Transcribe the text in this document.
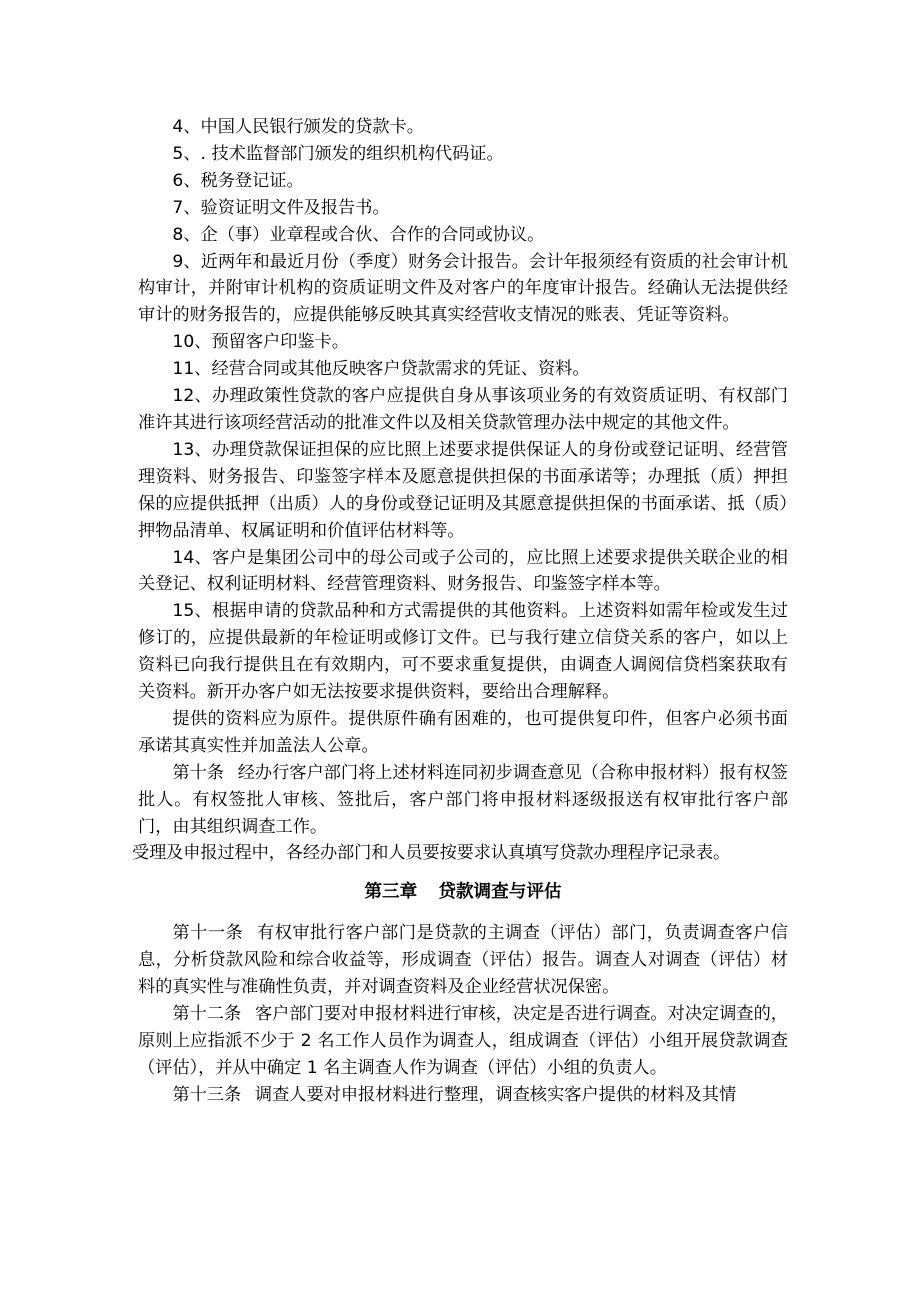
4、中国人民银行颁发的贷款卡。

5、. 技术监督部门颁发的组织机构代码证。

6、税务登记证。

7、验资证明文件及报告书。

8、企（事）业章程或合伙、合作的合同或协议。

9、近两年和最近月份（季度）财务会计报告。会计年报须经有资质的社会审计机构审计，并附审计机构的资质证明文件及对客户的年度审计报告。经确认无法提供经审计的财务报告的，应提供能够反映其真实经营收支情况的账表、凭证等资料。

10、预留客户印鉴卡。

11、经营合同或其他反映客户贷款需求的凭证、资料。

12、办理政策性贷款的客户应提供自身从事该项业务的有效资质证明、有权部门准许其进行该项经营活动的批准文件以及相关贷款管理办法中规定的其他文件。

13、办理贷款保证担保的应比照上述要求提供保证人的身份或登记证明、经营管理资料、财务报告、印鉴签字样本及愿意提供担保的书面承诺等；办理抵（质）押担保的应提供抵押（出质）人的身份或登记证明及其愿意提供担保的书面承诺、抵（质）押物品清单、权属证明和价值评估材料等。

14、客户是集团公司中的母公司或子公司的，应比照上述要求提供关联企业的相关登记、权利证明材料、经营管理资料、财务报告、印鉴签字样本等。

15、根据申请的贷款品种和方式需提供的其他资料。上述资料如需年检或发生过修订的，应提供最新的年检证明或修订文件。已与我行建立信贷关系的客户，如以上资料已向我行提供且在有效期内，可不要求重复提供，由调查人调阅信贷档案获取有关资料。新开办客户如无法按要求提供资料，要给出合理解释。

提供的资料应为原件。提供原件确有困难的，也可提供复印件，但客户必须书面承诺其真实性并加盖法人公章。

第十条 经办行客户部门将上述材料连同初步调查意见（合称申报材料）报有权签批人。有权签批人审核、签批后，客户部门将申报材料逐级报送有权审批行客户部门，由其组织调查工作。

受理及申报过程中，各经办部门和人员要按要求认真填写贷款办理程序记录表。

第三章 贷款调查与评估

第十一条 有权审批行客户部门是贷款的主调查（评估）部门，负责调查客户信息，分析贷款风险和综合收益等，形成调查（评估）报告。调查人对调查（评估）材料的真实性与准确性负责，并对调查资料及企业经营状况保密。

第十二条 客户部门要对申报材料进行审核，决定是否进行调查。对决定调查的，原则上应指派不少于 2 名工作人员作为调查人，组成调查（评估）小组开展贷款调查（评估），并从中确定 1 名主调查人作为调查（评估）小组的负责人。

第十三条 调查人要对申报材料进行整理，调查核实客户提供的材料及其情
